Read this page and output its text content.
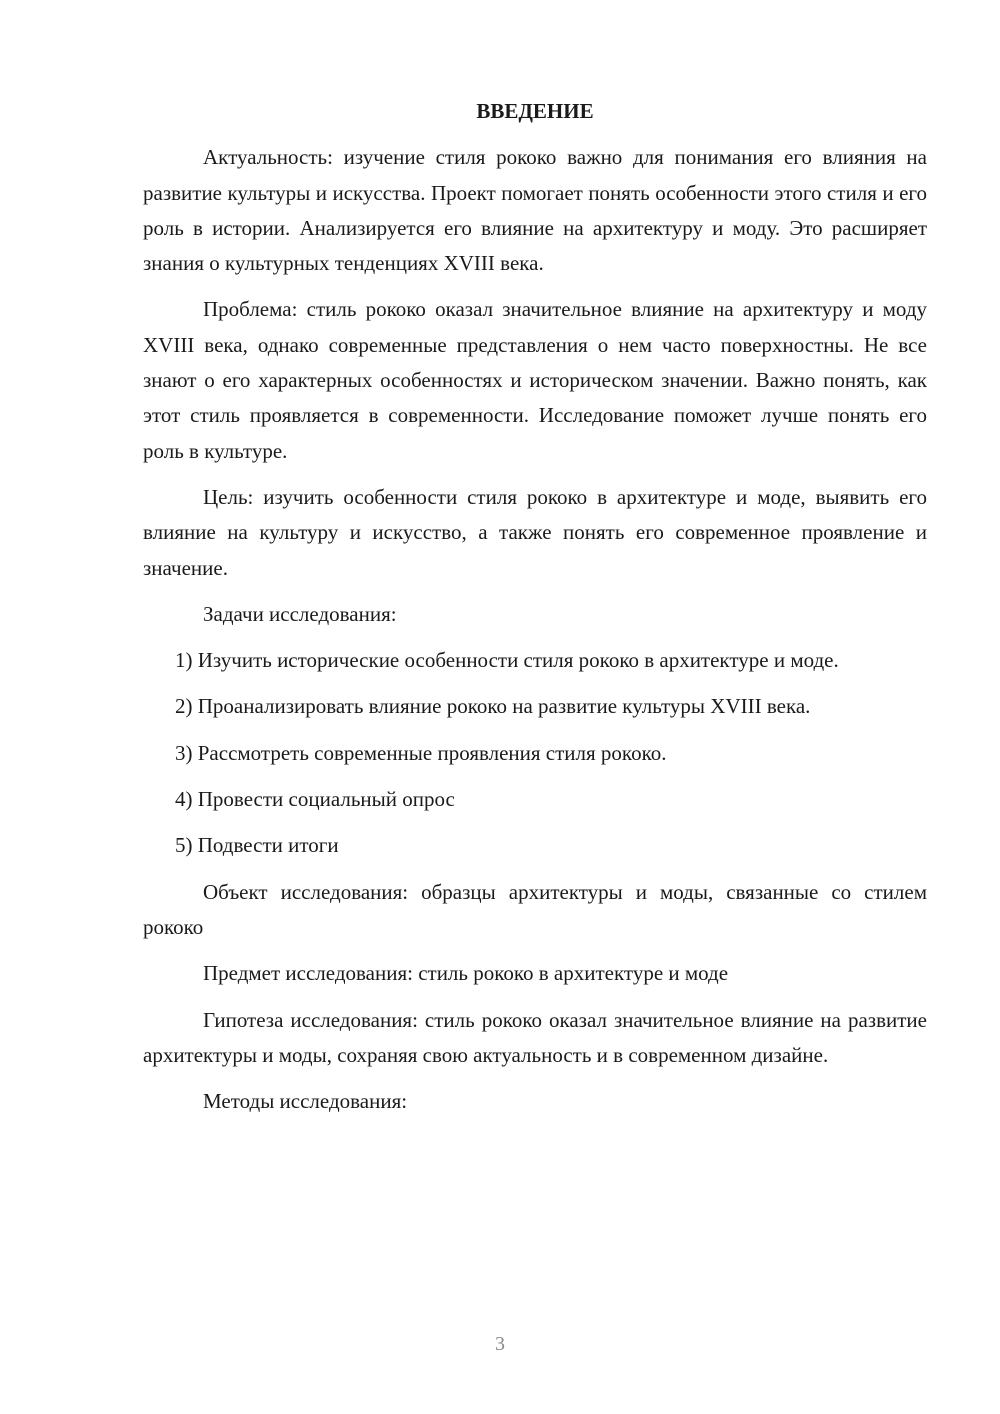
ВВЕДЕНИЕ

Актуальность: изучение стиля рококо важно для понимания его влияния на развитие культуры и искусства. Проект помогает понять особенности этого стиля и его роль в истории. Анализируется его влияние на архитектуру и моду. Это расширяет знания о культурных тенденциях XVIII века.

Проблема: стиль рококо оказал значительное влияние на архитектуру и моду XVIII века, однако современные представления о нем часто поверхностны. Не все знают о его характерных особенностях и историческом значении. Важно понять, как этот стиль проявляется в современности. Исследование поможет лучше понять его роль в культуре.

Цель: изучить особенности стиля рококо в архитектуре и моде, выявить его влияние на культуру и искусство, а также понять его современное проявление и значение.

Задачи исследования:

1) Изучить исторические особенности стиля рококо в архитектуре и моде.

2) Проанализировать влияние рококо на развитие культуры XVIII века.

3) Рассмотреть современные проявления стиля рококо.

4) Провести социальный опрос

5) Подвести итоги

Объект исследования: образцы архитектуры и моды, связанные со стилем рококо

Предмет исследования: стиль рококо в архитектуре и моде

Гипотеза исследования: стиль рококо оказал значительное влияние на развитие архитектуры и моды, сохраняя свою актуальность и в современном дизайне.

Методы исследования:

3
